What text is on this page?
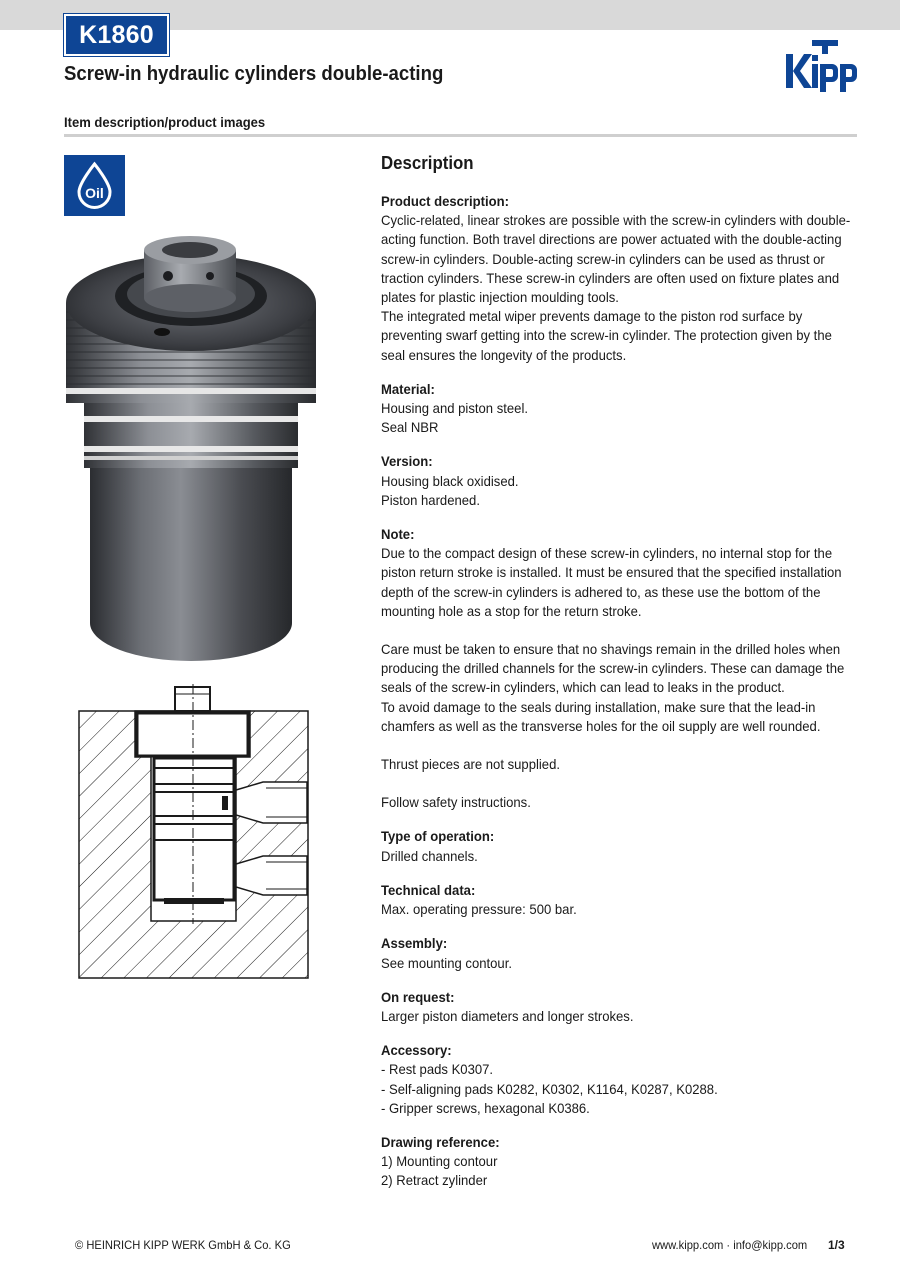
K1860
Screw-in hydraulic cylinders double-acting
Item description/product images
Oil
Description
Product description:

Cyclic-related, linear strokes are possible with the screw-in cylinders with double-acting function. Both travel directions are power actuated with the double-acting screw-in cylinders. Double-acting screw-in cylinders can be used as thrust or traction cylinders. These screw-in cylinders are often used on fixture plates and plates for plastic injection moulding tools.

The integrated metal wiper prevents damage to the piston rod surface by preventing swarf getting into the screw-in cylinder. The protection given by the seal ensures the longevity of the products.

Material:

Housing and piston steel.

Seal NBR

Version:

Housing black oxidised.

Piston hardened.

Note:

Due to the compact design of these screw-in cylinders, no internal stop for the piston return stroke is installed. It must be ensured that the specified installation depth of the screw-in cylinders is adhered to, as these use the bottom of the mounting hole as a stop for the return stroke.

Care must be taken to ensure that no shavings remain in the drilled holes when producing the drilled channels for the screw-in cylinders. These can damage the seals of the screw-in cylinders, which can lead to leaks in the product.

To avoid damage to the seals during installation, make sure that the lead-in chamfers as well as the transverse holes for the oil supply are well rounded.

Thrust pieces are not supplied.

Follow safety instructions.

Type of operation:

Drilled channels.

Technical data:

Max. operating pressure: 500 bar.

Assembly:

See mounting contour.

On request:

Larger piston diameters and longer strokes.

Accessory:

- Rest pads K0307.

- Self-aligning pads K0282, K0302, K1164, K0287, K0288.

- Gripper screws, hexagonal K0386.

Drawing reference:

1) Mounting contour

2) Retract zylinder

© HEINRICH KIPP WERK GmbH & Co. KG	www.kipp.com · info@kipp.com 1/3
